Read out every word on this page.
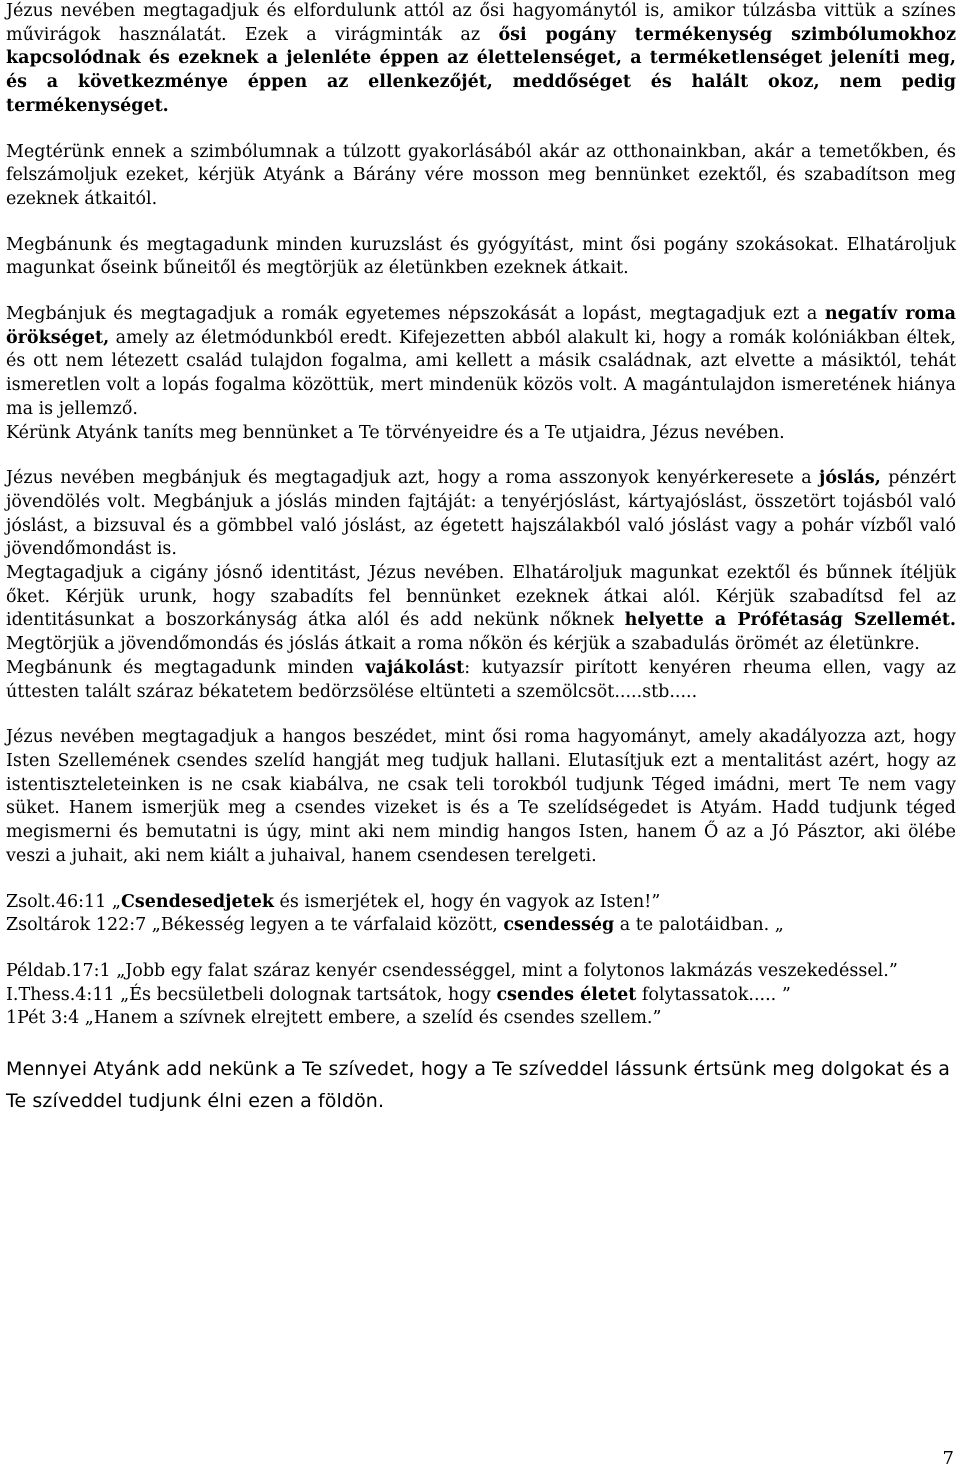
Jézus nevében megtagadjuk és elfordulunk attól az ősi hagyománytól is, amikor túlzásba vittük a színes művirágok használatát. Ezek a virágminták az ősi pogány termékenység szimbólumokhoz kapcsolódnak és ezeknek a jelenléte éppen az élettelenséget, a terméketlenséget jeleníti meg, és a következménye éppen az ellenkezőjét, meddőséget és halált okoz, nem pedig termékenységet.

Megtérünk ennek a szimbólumnak a túlzott gyakorlásából akár az otthonainkban, akár a temetőkben, és felszámoljuk ezeket, kérjük Atyánk a Bárány vére mosson meg bennünket ezektől, és szabadítson meg ezeknek átkaitól.

Megbánunk és megtagadunk minden kuruzslást és gyógyítást, mint ősi pogány szokásokat. Elhatároljuk magunkat őseink bűneitől és megtörjük az életünkben ezeknek átkait.

Megbánjuk és megtagadjuk a romák egyetemes népszokását a lopást, megtagadjuk ezt a negatív roma örökséget, amely az életmódunkból eredt. Kifejezetten abból alakult ki, hogy a romák kolóniákban éltek, és ott nem létezett család tulajdon fogalma, ami kellett a másik családnak, azt elvette a másiktól, tehát ismeretlen volt a lopás fogalma közöttük, mert mindenük közös volt. A magántulajdon ismeretének hiánya ma is jellemző.

Kérünk Atyánk taníts meg bennünket a Te törvényeidre és a Te utjaidra, Jézus nevében.

Jézus nevében megbánjuk és megtagadjuk azt, hogy a roma asszonyok kenyérkeresete a jóslás, pénzért jövendölés volt. Megbánjuk a jóslás minden fajtáját: a tenyérjóslást, kártyajóslást, összetört tojásból való jóslást, a bizsuval és a gömbbel való jóslást, az égetett hajszálakból való jóslást vagy a pohár vízből való jövendőmondást is.

Megtagadjuk a cigány jósnő identitást, Jézus nevében. Elhatároljuk magunkat ezektől és bűnnek ítéljük őket. Kérjük urunk, hogy szabadíts fel bennünket ezeknek átkai alól. Kérjük szabadítsd fel az identitásunkat a boszorkányság átka alól és add nekünk nőknek helyette a Prófétaság Szellemét. Megtörjük a jövendőmondás és jóslás átkait a roma nőkön és kérjük a szabadulás örömét az életünkre.

Megbánunk és megtagadunk minden vajákolást: kutyazsír pirított kenyéren rheuma ellen, vagy az úttesten talált száraz békatetem bedörzsölése eltünteti a szemölcsöt.....stb.....

Jézus nevében megtagadjuk a hangos beszédet, mint ősi roma hagyományt, amely akadályozza azt, hogy Isten Szellemének csendes szelíd hangját meg tudjuk hallani. Elutasítjuk ezt a mentalitást azért, hogy az istentiszteleteinken is ne csak kiabálva, ne csak teli torokból tudjunk Téged imádni, mert Te nem vagy süket. Hanem ismerjük meg a csendes vizeket is és a Te szelídségedet is Atyám. Hadd tudjunk téged megismerni és bemutatni is úgy, mint aki nem mindig hangos Isten, hanem Ő az a Jó Pásztor, aki ölébe veszi a juhait, aki nem kiált a juhaival, hanem csendesen terelgeti.

Zsolt.46:11 „Csendesedjetek és ismerjétek el, hogy én vagyok az Isten!”

Zsoltárok 122:7 „Békesség legyen a te várfalaid között, csendesség a te palotáidban. „

Példab.17:1 „Jobb egy falat száraz kenyér csendességgel, mint a folytonos lakmázás veszekedéssel.”

I.Thess.4:11 „És becsületbeli dolognak tartsátok, hogy csendes életet folytassatok..... ”

1Pét 3:4 „Hanem a szívnek elrejtett embere, a szelíd és csendes szellem.”

Mennyei Atyánk add nekünk a Te szívedet, hogy a Te szíveddel lássunk értsünk meg dolgokat és a Te szíveddel tudjunk élni ezen a földön.

7
